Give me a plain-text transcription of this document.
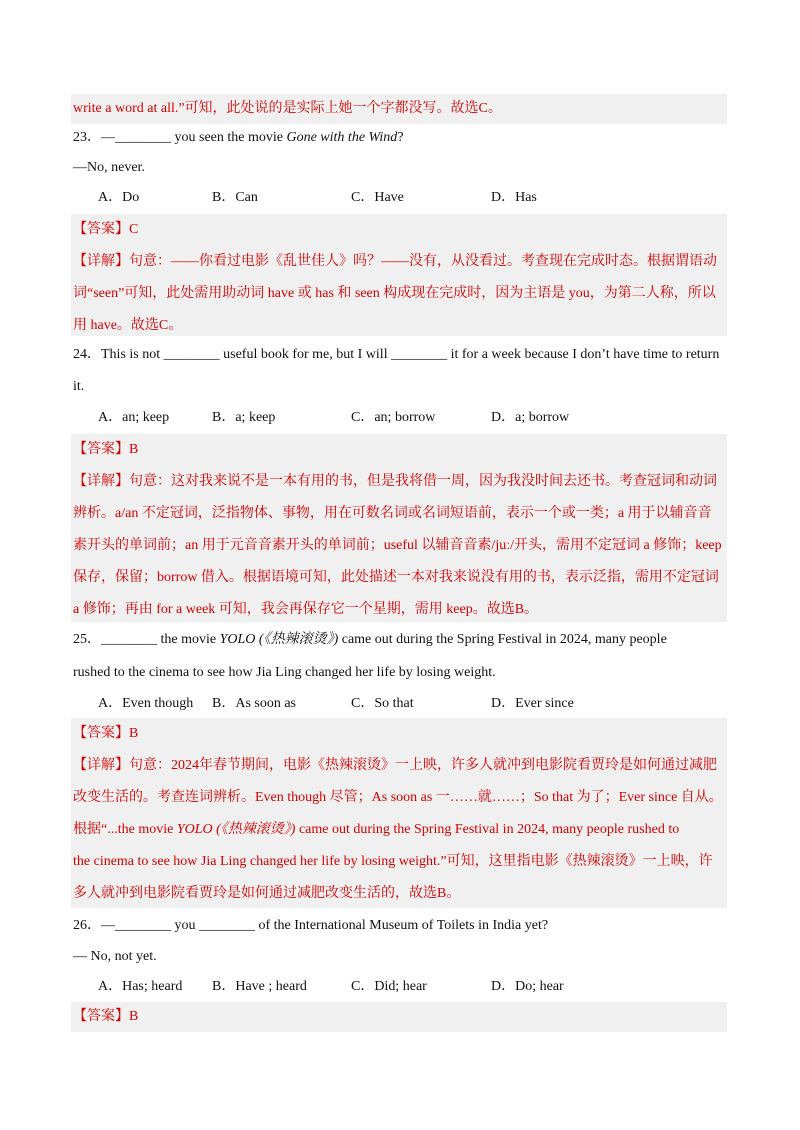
write a word at all.”可知，此处说的是实际上她一个字都没写。故选C。

23．—________ you seen the movie Gone with the Wind?
—No, never.
A．Do	B．Can	C．Have	D．Has

【答案】C

【详解】句意：——你看过电影《乱世佳人》吗？——没有，从没看过。考查现在完成时态。根据谓语动

词“seen”可知，此处需用助动词 have 或 has 和 seen 构成现在完成时，因为主语是 you，为第二人称，所以

用 have。故选C。

24．This is not ________ useful book for me, but I will ________ it for a week because I don’t have time to return
it.
A．an; keep	B．a; keep	C．an; borrow	D．a; borrow

【答案】B

【详解】句意：这对我来说不是一本有用的书，但是我将借一周，因为我没时间去还书。考查冠词和动词

辨析。a/an 不定冠词，泛指物体、事物，用在可数名词或名词短语前，表示一个或一类；a 用于以辅音音

素开头的单词前；an 用于元音音素开头的单词前；useful 以辅音音素/juː/开头，需用不定冠词 a 修饰；keep

保存，保留；borrow 借入。根据语境可知，此处描述一本对我来说没有用的书，表示泛指，需用不定冠词

a 修饰；再由 for a week 可知，我会再保存它一个星期，需用 keep。故选B。

25．________ the movie YOLO (《热辣滚烫》) came out during the Spring Festival in 2024, many people
rushed to the cinema to see how Jia Ling changed her life by losing weight.
A．Even though B．As soon as	C．So that	D．Ever since

【答案】B

【详解】句意：2024年春节期间，电影《热辣滚烫》一上映，许多人就冲到电影院看贾玲是如何通过减肥

改变生活的。考查连词辨析。Even though 尽管；As soon as 一……就……；So that 为了；Ever since 自从。

根据“...the movie YOLO (《热辣滚烫》) came out during the Spring Festival in 2024, many people rushed to

the cinema to see how Jia Ling changed her life by losing weight.”可知，这里指电影《热辣滚烫》一上映，许

多人就冲到电影院看贾玲是如何通过减肥改变生活的，故选B。

26．—________ you ________ of the International Museum of Toilets in India yet?
— No, not yet.
A．Has; heard B．Have ; heard	C．Did; hear	D．Do; hear

【答案】B
